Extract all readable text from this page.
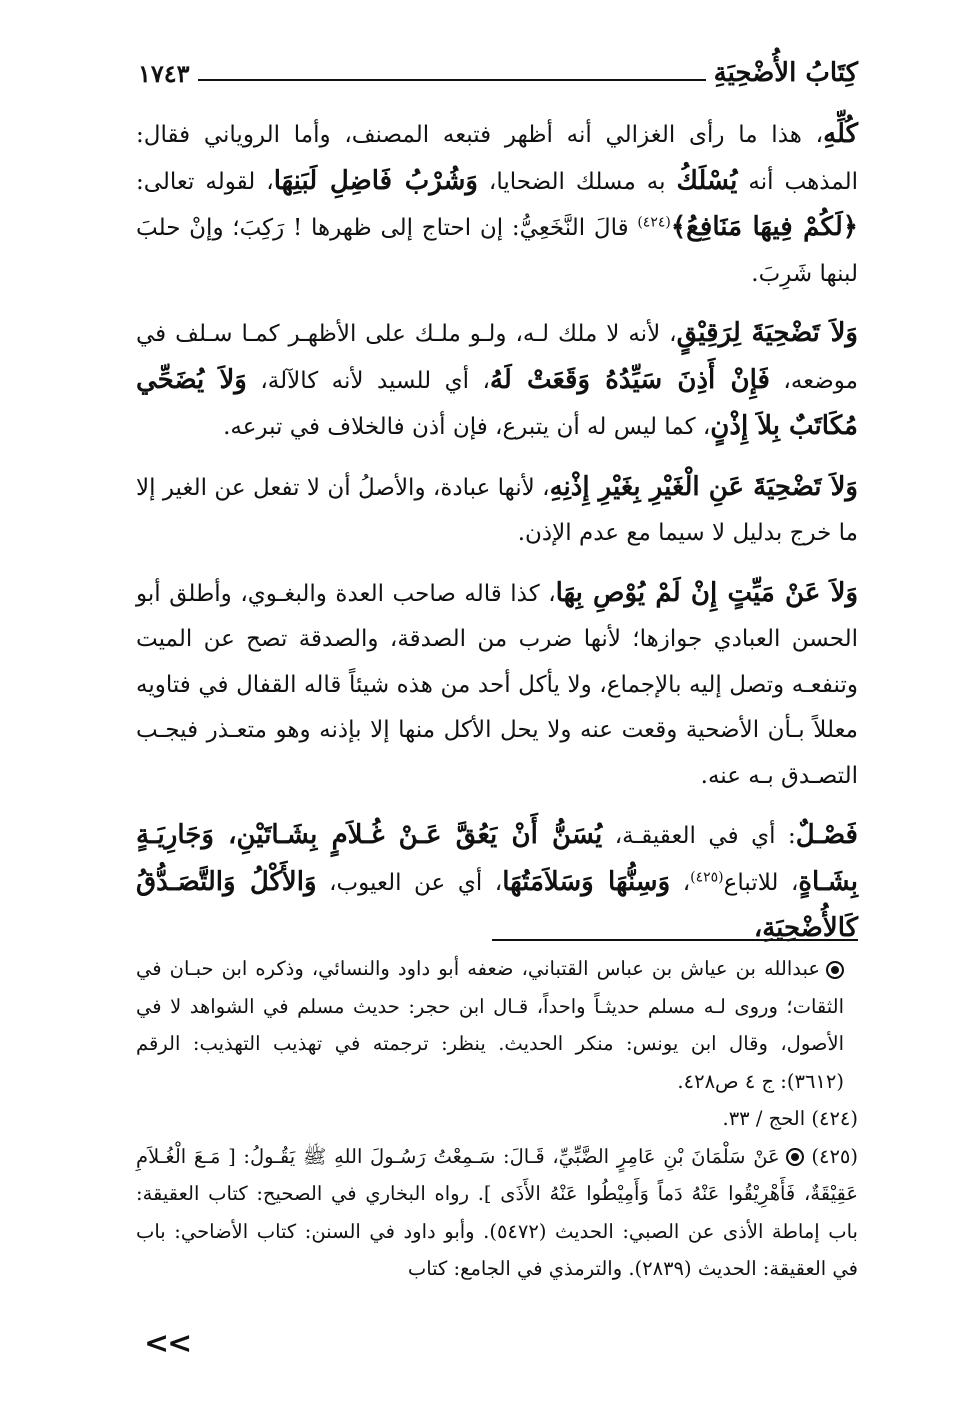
كِتَابُ الأُضْحِيَةِ
١٧٤٣

كُلِّهِ، هذا ما رأى الغزالي أنه أظهر فتبعه المصنف، وأما الروياني فقال: المذهب أنه يُسْلَكُ به مسلك الضحايا، وَشُرْبُ فَاضِلِ لَبَنِهَا، لقوله تعالى:﴿لَكُمْ فِيهَا مَنَافِعُ﴾$^{(٤٢٤)}$ قالَ النَّخَعِيُّ: إن احتاج إلى ظهرها ! رَكِبَ؛ وإنْ حلبَ لبنها شَرِبَ.

وَلاَ تَضْحِيَةَ لِرَقِيْقٍ، لأنه لا ملك لـه، ولـو ملـك على الأظهـر كمـا سـلف في موضعه، فَإِنْ أَذِنَ سَيِّدُهُ وَقَعَتْ لَهُ، أي للسيد لأنه كالآلة، وَلاَ يُضَحِّي مُكَاتَبٌ بِلاَ إِذْنٍ، كما ليس له أن يتبرع، فإن أذن فالخلاف في تبرعه.

وَلاَ تَضْحِيَةَ عَنِ الْغَيْرِ بِغَيْرِ إِذْنِهِ، لأنها عبادة، والأصلُ أن لا تفعل عن الغير إلا ما خرج بدليل لا سيما مع عدم الإذن.

وَلاَ عَنْ مَيِّتٍ إِنْ لَمْ يُوْصِ بِهَا، كذا قاله صاحب العدة والبغـوي، وأطلق أبو الحسن العبادي جوازها؛ لأنها ضرب من الصدقة، والصدقة تصح عن الميت وتنفعـه وتصل إليه بالإجماع، ولا يأكل أحد من هذه شيئاً قاله القفال في فتاويه معللاً بـأن الأضحية وقعت عنه ولا يحل الأكل منها إلا بإذنه وهو متعـذر فيجـب التصـدق بـه عنه.

فَصْـلٌ: أي في العقيقـة، يُسَنُّ أَنْ يَعُقَّ عَـنْ غُـلاَمٍ بِشَـاتَيْنِ، وَجَارِيَـةٍ بِشَـاةٍ، للاتباع$^{(٤٢٥)}$، وَسِنُّهَا وَسَلاَمَتُهَا، أي عن العيوب، وَالأَكْلُ وَالتَّصَـدُّقُ كَالأُضْحِيَةِ،

عبدالله بن عياش بن عباس القتباني، ضعفه أبو داود والنسائي، وذكره ابن حبـان في الثقات؛ وروى لـه مسلم حديثـاً واحداً، قـال ابن حجر: حديث مسلم في الشواهد لا في الأصول، وقال ابن يونس: منكر الحديث. ينظر: ترجمته في تهذيب التهذيب: الرقم (٣٦١٢): ج ٤ ص٤٢٨.

(٤٢٤) الحج / ٣٣.

(٤٢٥) عَنْ سَلْمَانَ بْنِ عَامِرٍ الضَّبِّيِّ، قَـالَ: سَـمِعْتُ رَسُـولَ اللهِ ﷺ يَقُـولُ: [ مَـعَ الْغُـلاَمِ عَقِيْقَةٌ، فَأَهْرِيْقُوا عَنْهُ دَماً وَأَمِيْطُوا عَنْهُ الأَذَى ]. رواه البخاري في الصحيح: كتاب العقيقة: باب إماطة الأذى عن الصبي: الحديث (٥٤٧٢). وأبو داود في السنن: كتاب الأضاحي: باب في العقيقة: الحديث (٢٨٣٩). والترمذي في الجامع: كتاب

<<
